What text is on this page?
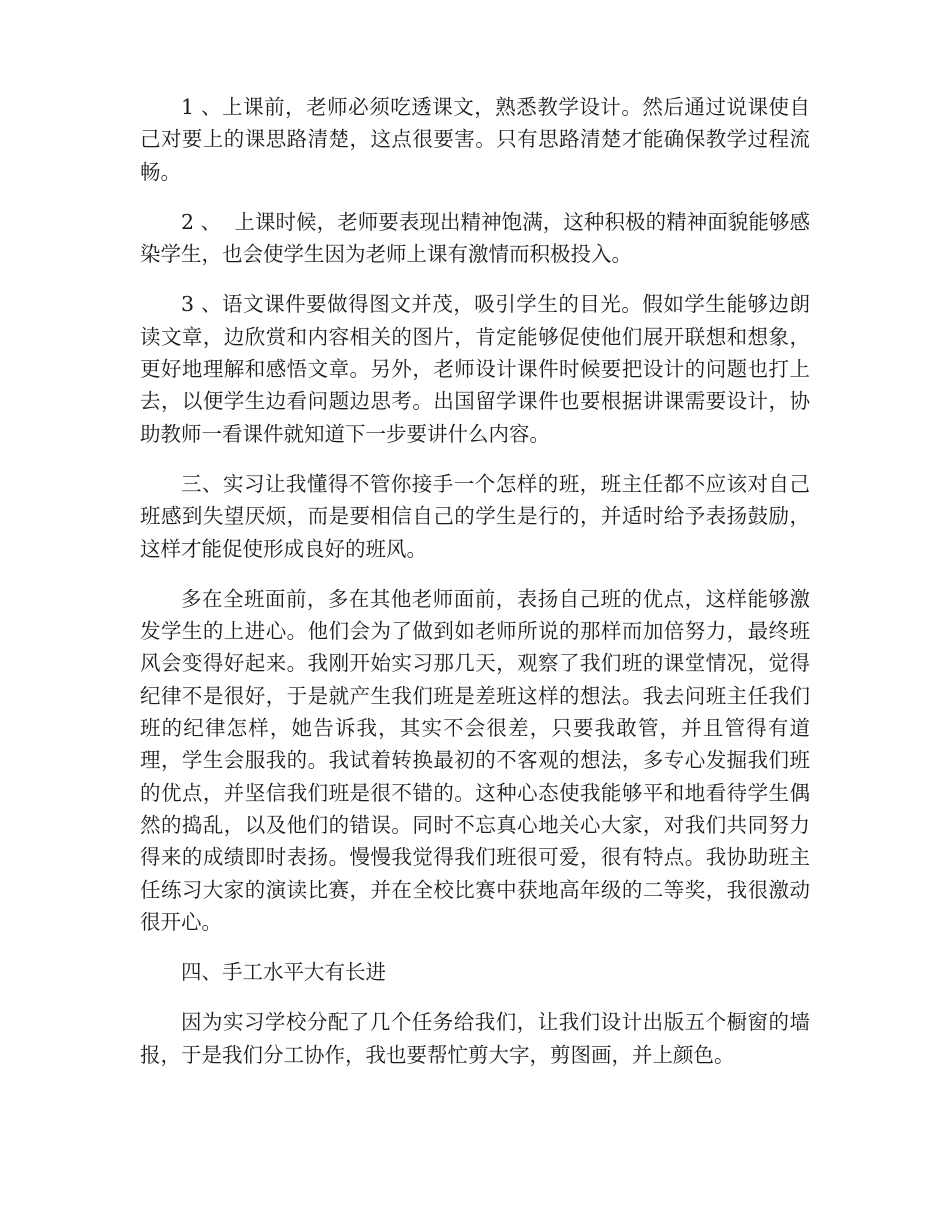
1 、上课前，老师必须吃透课文，熟悉教学设计。然后通过说课使自己对要上的课思路清楚，这点很要害。只有思路清楚才能确保教学过程流畅。

2 、  上课时候，老师要表现出精神饱满，这种积极的精神面貌能够感染学生，也会使学生因为老师上课有激情而积极投入。

3 、语文课件要做得图文并茂，吸引学生的目光。假如学生能够边朗读文章，边欣赏和内容相关的图片，肯定能够促使他们展开联想和想象，更好地理解和感悟文章。另外，老师设计课件时候要把设计的问题也打上去，以便学生边看问题边思考。出国留学课件也要根据讲课需要设计，协助教师一看课件就知道下一步要讲什么内容。

三、实习让我懂得不管你接手一个怎样的班，班主任都不应该对自己班感到失望厌烦，而是要相信自己的学生是行的，并适时给予表扬鼓励，这样才能促使形成良好的班风。

多在全班面前，多在其他老师面前，表扬自己班的优点，这样能够激发学生的上进心。他们会为了做到如老师所说的那样而加倍努力，最终班风会变得好起来。我刚开始实习那几天，观察了我们班的课堂情况，觉得纪律不是很好，于是就产生我们班是差班这样的想法。我去问班主任我们班的纪律怎样，她告诉我，其实不会很差，只要我敢管，并且管得有道理，学生会服我的。我试着转换最初的不客观的想法，多专心发掘我们班的优点，并坚信我们班是很不错的。这种心态使我能够平和地看待学生偶然的捣乱，以及他们的错误。同时不忘真心地关心大家，对我们共同努力得来的成绩即时表扬。慢慢我觉得我们班很可爱，很有特点。我协助班主任练习大家的演读比赛，并在全校比赛中获地高年级的二等奖，我很激动很开心。

四、手工水平大有长进

因为实习学校分配了几个任务给我们，让我们设计出版五个橱窗的墙报，于是我们分工协作，我也要帮忙剪大字，剪图画，并上颜色。
